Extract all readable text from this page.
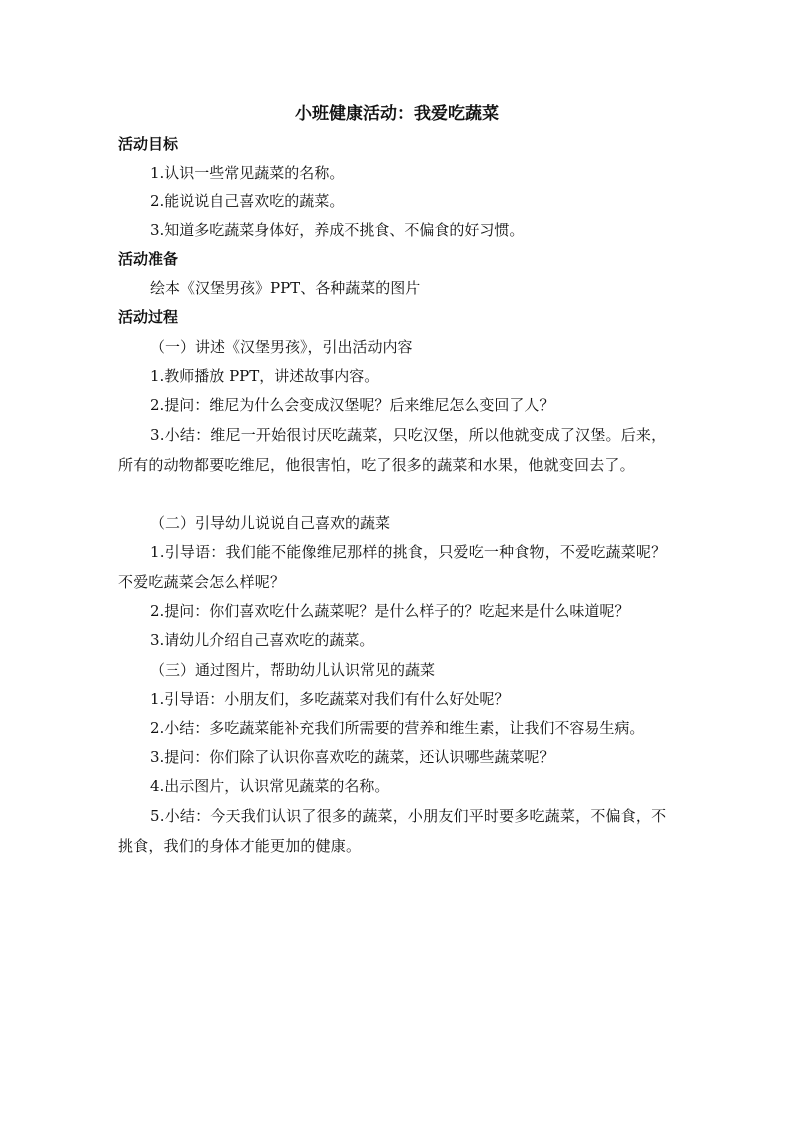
小班健康活动：我爱吃蔬菜
活动目标
1.认识一些常见蔬菜的名称。
2.能说说自己喜欢吃的蔬菜。
3.知道多吃蔬菜身体好，养成不挑食、不偏食的好习惯。
活动准备
绘本《汉堡男孩》PPT、各种蔬菜的图片
活动过程
（一）讲述《汉堡男孩》，引出活动内容
1.教师播放 PPT，讲述故事内容。
2.提问：维尼为什么会变成汉堡呢？后来维尼怎么变回了人？
3.小结：维尼一开始很讨厌吃蔬菜，只吃汉堡，所以他就变成了汉堡。后来，所有的动物都要吃维尼，他很害怕，吃了很多的蔬菜和水果，他就变回去了。
（二）引导幼儿说说自己喜欢的蔬菜
1.引导语：我们能不能像维尼那样的挑食，只爱吃一种食物，不爱吃蔬菜呢？不爱吃蔬菜会怎么样呢？
2.提问：你们喜欢吃什么蔬菜呢？是什么样子的？吃起来是什么味道呢？
3.请幼儿介绍自己喜欢吃的蔬菜。
（三）通过图片，帮助幼儿认识常见的蔬菜
1.引导语：小朋友们，多吃蔬菜对我们有什么好处呢？
2.小结：多吃蔬菜能补充我们所需要的营养和维生素，让我们不容易生病。
3.提问：你们除了认识你喜欢吃的蔬菜，还认识哪些蔬菜呢？
4.出示图片，认识常见蔬菜的名称。
5.小结：今天我们认识了很多的蔬菜，小朋友们平时要多吃蔬菜，不偏食，不挑食，我们的身体才能更加的健康。
